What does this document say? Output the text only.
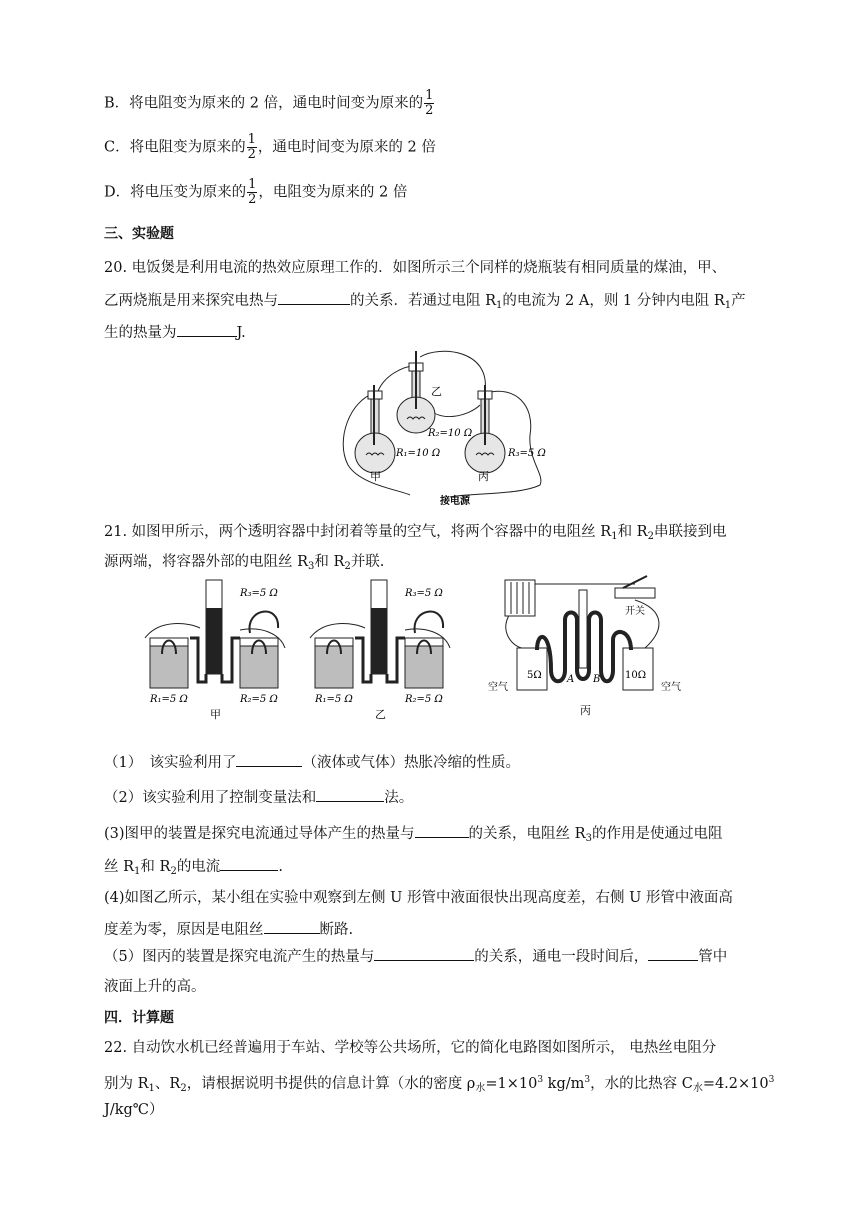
B．将电阻变为原来的 2 倍，通电时间变为原来的 $\frac{1}{2}$
C．将电阻变为原来的 $\frac{1}{2}$ ，通电时间变为原来的 2 倍
D．将电压变为原来的 $\frac{1}{2}$ ，电阻变为原来的 2 倍
三、实验题
20. 电饭煲是利用电流的热效应原理工作的．如图所示三个同样的烧瓶装有相同质量的煤油，甲、
乙两烧瓶是用来探究电热与	的关系．若通过电阻 $R_1$的电流为 2 A，则 1 分钟内电阻 $R_1$产
生的热量为	J.
乙
R₂=10 Ω
R₁=10 Ω	R₃=5 Ω
甲	丙
接电源
21. 如图甲所示，两个透明容器中封闭着等量的空气，将两个容器中的电阻丝 $R_1$和 $R_2$串联接到电
源两端，将容器外部的电阻丝 $R_3$和 $R_2$并联.
R₃=5 Ω
R₁=5 Ω	R₂=5 Ω
甲
R₃=5 Ω
R₁=5 Ω	R₂=5 Ω
乙
开关
5Ω	10Ω
A B
空气	空气
丙
（1）　该实验利用了	（液体或气体）热胀冷缩的性质。
（2）该实验利用了控制变量法和	法。
(3)图甲的装置是探究电流通过导体产生的热量与	的关系，电阻丝 $R_3$的作用是使通过电阻
丝 $R_1$和 $R_2$的电流	.
(4)如图乙所示，某小组在实验中观察到左侧 U 形管中液面很快出现高度差，右侧 U 形管中液面高
度差为零，原因是电阻丝	断路.
（5）图丙的装置是探究电流产生的热量与	的关系，通电一段时间后，	管中
液面上升的高。
四．计算题
22. 自动饮水机已经普遍用于车站、学校等公共场所，它的简化电路图如图所示， 电热丝电阻分
别为 $R_1$、$R_2$，请根据说明书提供的信息计算（水的密度 $\rho_水=1\times 10^3$ $kg/m^3$，水的比热容 $C_水=4.2\times 10^3$
J/kg℃）
